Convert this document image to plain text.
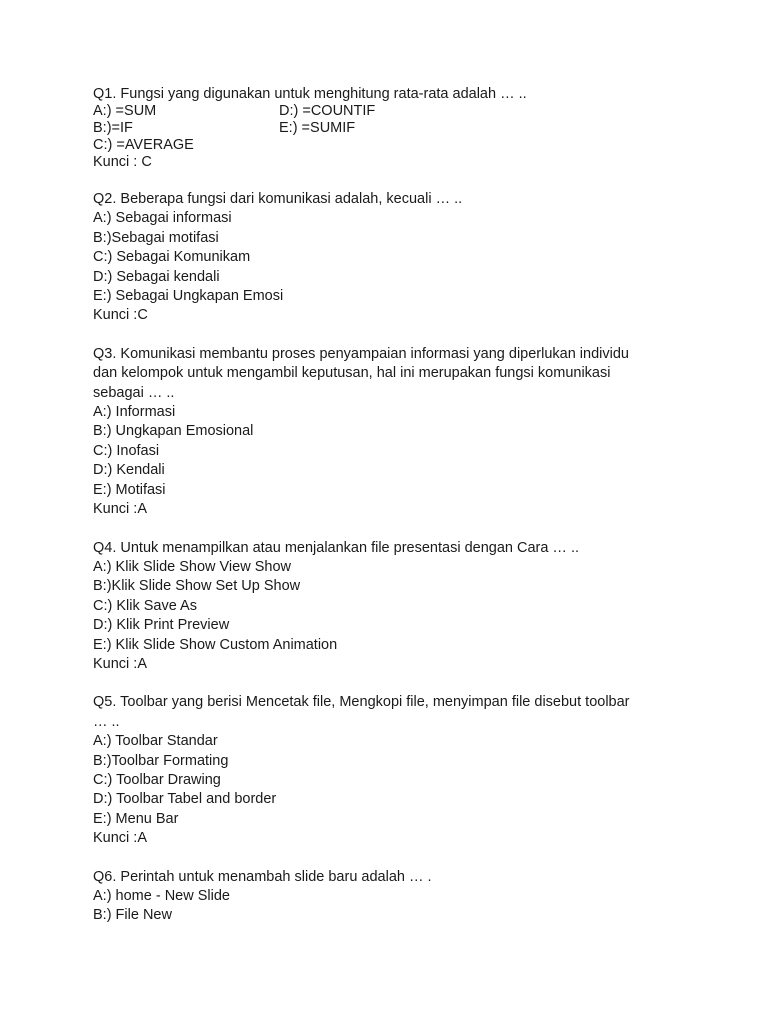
Q1. Fungsi yang digunakan untuk menghitung rata-rata adalah … ..
A:) =SUM	D:) =COUNTIF
B:)=IF	E:) =SUMIF
C:) =AVERAGE
Kunci : C
Q2. Beberapa fungsi dari komunikasi adalah, kecuali … ..
A:) Sebagai informasi
B:)Sebagai motifasi
C:) Sebagai Komunikam
D:) Sebagai kendali
E:) Sebagai Ungkapan Emosi
Kunci :C
Q3. Komunikasi membantu proses penyampaian informasi yang diperlukan individu
dan kelompok untuk mengambil keputusan, hal ini merupakan fungsi komunikasi
sebagai … ..
A:) Informasi
B:) Ungkapan Emosional
C:) Inofasi
D:) Kendali
E:) Motifasi
Kunci :A
Q4. Untuk menampilkan atau menjalankan file presentasi dengan Cara … ..
A:) Klik Slide Show View Show
B:)Klik Slide Show Set Up Show
C:) Klik Save As
D:) Klik Print Preview
E:) Klik Slide Show Custom Animation
Kunci :A
Q5. Toolbar yang berisi Mencetak file, Mengkopi file, menyimpan file disebut toolbar
… ..
A:) Toolbar Standar
B:)Toolbar Formating
C:) Toolbar Drawing
D:) Toolbar Tabel and border
E:) Menu Bar
Kunci :A
Q6. Perintah untuk menambah slide baru adalah … .
A:) home - New Slide
B:) File New
